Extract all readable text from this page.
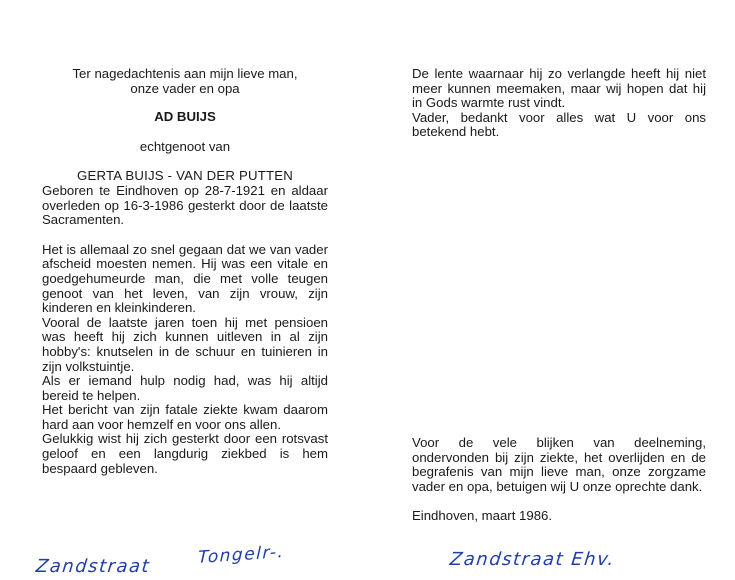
Ter nagedachtenis aan mijn lieve man,
onze vader en opa
AD BUIJS
echtgenoot van
GERTA BUIJS - VAN DER PUTTEN

Geboren te Eindhoven op 28-7-1921 en aldaar overleden op 16-3-1986 gesterkt door de laatste Sacramenten.

Het is allemaal zo snel gegaan dat we van vader afscheid moesten nemen. Hij was een vitale en goedgehumeurde man, die met volle teugen genoot van het leven, van zijn vrouw, zijn kinderen en kleinkinderen.

Vooral de laatste jaren toen hij met pensioen was heeft hij zich kunnen uitleven in al zijn hobby's: knutselen in de schuur en tuinieren in zijn volkstuintje.

Als er iemand hulp nodig had, was hij altijd bereid te helpen.

Het bericht van zijn fatale ziekte kwam daarom hard aan voor hemzelf en voor ons allen.

Gelukkig wist hij zich gesterkt door een rotsvast geloof en een langdurig ziekbed is hem bespaard gebleven.

De lente waarnaar hij zo verlangde heeft hij niet meer kunnen meemaken, maar wij hopen dat hij in Gods warmte rust vindt.

Vader, bedankt voor alles wat U voor ons betekend hebt.

Voor de vele blijken van deelneming, ondervonden bij zijn ziekte, het overlijden en de begrafenis van mijn lieve man, onze zorgzame vader en opa, betuigen wij U onze oprechte dank.

Eindhoven, maart 1986.

Zandstraat	Tongelr-.	Zandstraat Ehv.
